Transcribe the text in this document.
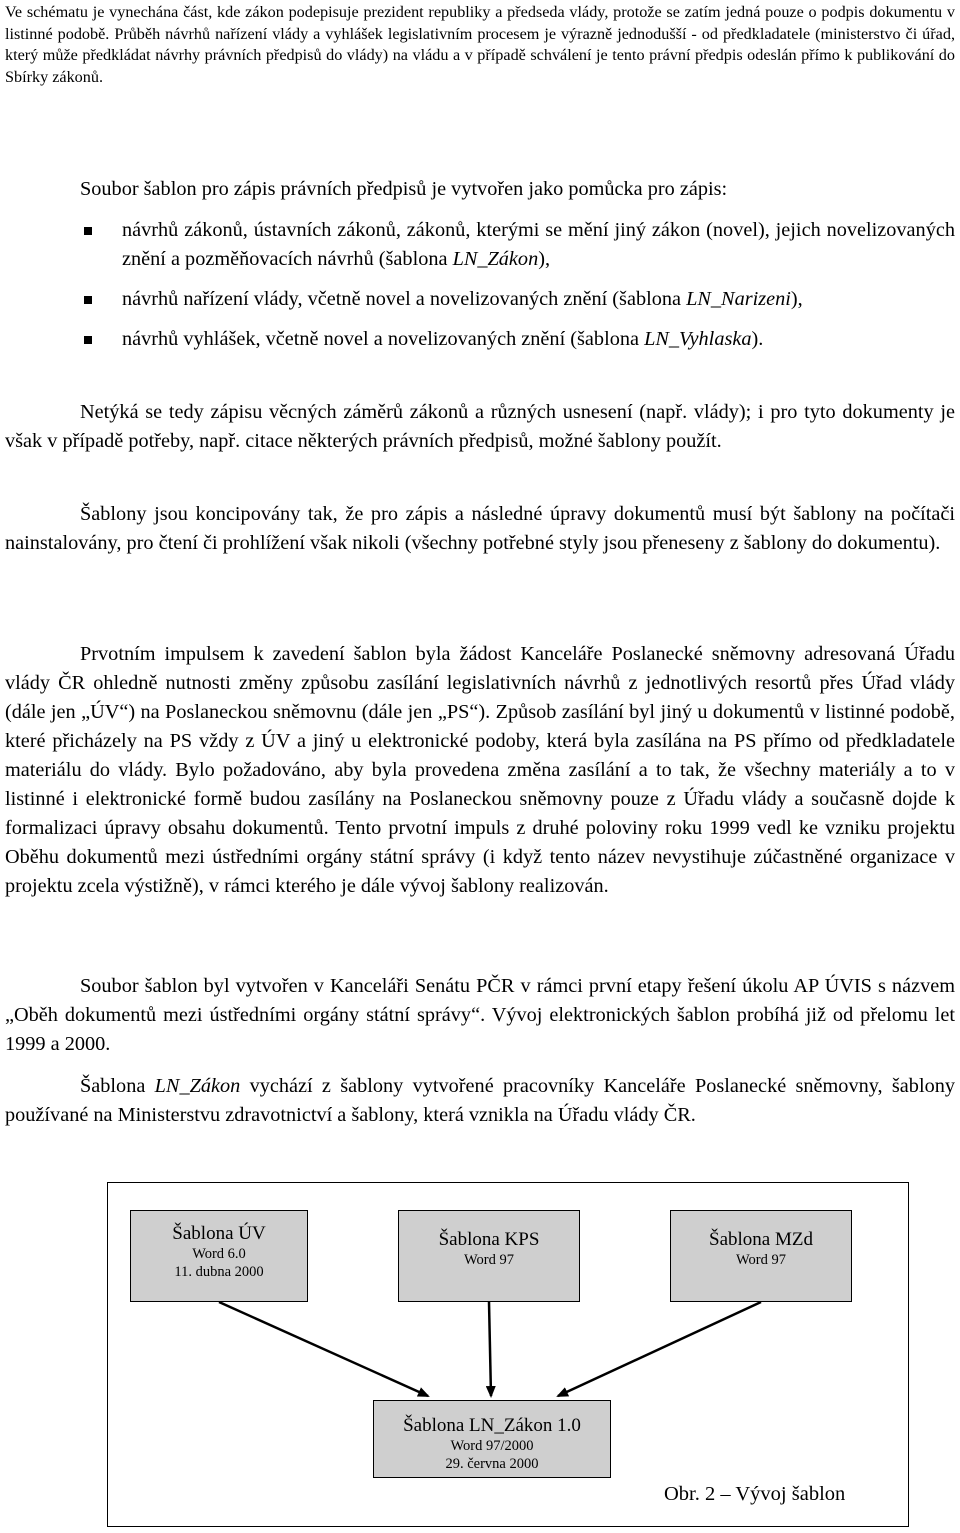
Ve schématu je vynechána část, kde zákon podepisuje prezident republiky a předseda vlády, protože se zatím jedná pouze o podpis dokumentu v listinné podobě. Průběh návrhů nařízení vlády a vyhlášek legislativním procesem je výrazně jednodušší - od předkladatele (ministerstvo či úřad, který může předkládat návrhy právních předpisů do vlády) na vládu a v případě schválení je tento právní předpis odeslán přímo k publikování do Sbírky zákonů.

Soubor šablon pro zápis právních předpisů je vytvořen jako pomůcka pro zápis:

návrhů zákonů, ústavních zákonů, zákonů, kterými se mění jiný zákon (novel), jejich novelizovaných znění a pozměňovacích návrhů (šablona LN_Zákon),
návrhů nařízení vlády, včetně novel a novelizovaných znění (šablona LN_Narizeni),
návrhů vyhlášek, včetně novel a novelizovaných znění (šablona LN_Vyhlaska).

Netýká se tedy zápisu věcných záměrů zákonů a různých usnesení (např. vlády); i pro tyto dokumenty je však v případě potřeby, např. citace některých právních předpisů, možné šablony použít.

Šablony jsou koncipovány tak, že pro zápis a následné úpravy dokumentů musí být šablony na počítači nainstalovány, pro čtení či prohlížení však nikoli (všechny potřebné styly jsou přeneseny z šablony do dokumentu).

Prvotním impulsem k zavedení šablon byla žádost Kanceláře Poslanecké sněmovny adresovaná Úřadu vlády ČR ohledně nutnosti změny způsobu zasílání legislativních návrhů z jednotlivých resortů přes Úřad vlády (dále jen „ÚV“) na Poslaneckou sněmovnu (dále jen „PS“). Způsob zasílání byl jiný u dokumentů v listinné podobě, které přicházely na PS vždy z ÚV a jiný u elektronické podoby, která byla zasílána na PS přímo od předkladatele materiálu do vlády. Bylo požadováno, aby byla provedena změna zasílání a to tak, že všechny materiály a to v listinné i elektronické formě budou zasílány na Poslaneckou sněmovny pouze z Úřadu vlády a současně dojde k formalizaci úpravy obsahu dokumentů. Tento prvotní impuls z druhé poloviny roku 1999 vedl ke vzniku projektu Oběhu dokumentů mezi ústředními orgány státní správy (i když tento název nevystihuje zúčastněné organizace v projektu zcela výstižně), v rámci kterého je dále vývoj šablony realizován.

Soubor šablon byl vytvořen v Kanceláři Senátu PČR v rámci první etapy řešení úkolu AP ÚVIS s názvem „Oběh dokumentů mezi ústředními orgány státní správy“. Vývoj elektronických šablon probíhá již od přelomu let 1999 a 2000.

Šablona LN_Zákon vychází z šablony vytvořené pracovníky Kanceláře Poslanecké sněmovny, šablony používané na Ministerstvu zdravotnictví a šablony, která vznikla na Úřadu vlády ČR.

Šablona ÚV
Word 6.0
11. dubna 2000
Šablona KPS
Word 97
Šablona MZd
Word 97
Šablona LN_Zákon 1.0
Word 97/2000
29. června 2000
Obr. 2 – Vývoj šablon
